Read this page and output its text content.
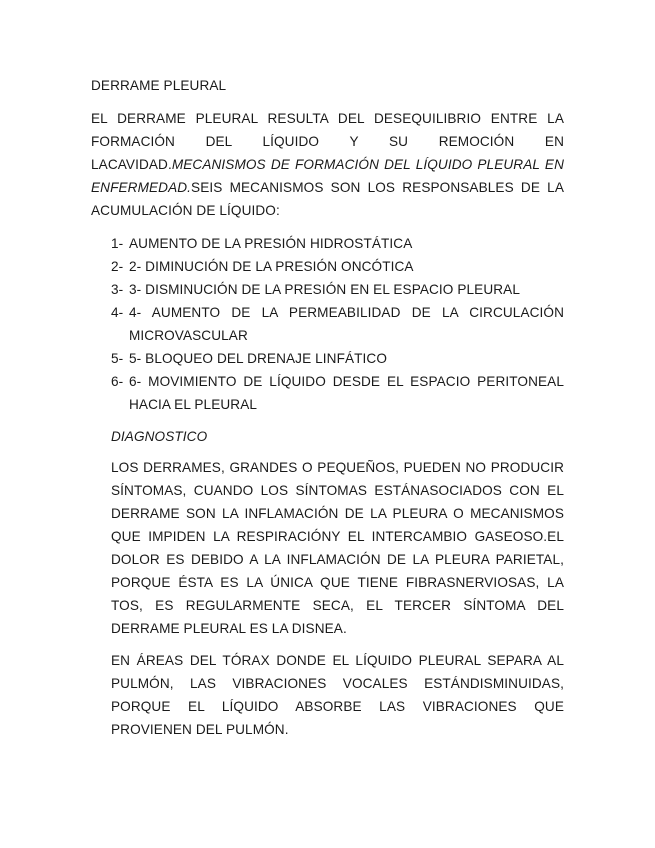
DERRAME PLEURAL

EL DERRAME PLEURAL RESULTA DEL DESEQUILIBRIO ENTRE LA FORMACIÓN DEL LÍQUIDO Y SU REMOCIÓN EN LACAVIDAD.MECANISMOS DE FORMACIÓN DEL LÍQUIDO PLEURAL EN ENFERMEDAD.SEIS MECANISMOS SON LOS RESPONSABLES DE LA ACUMULACIÓN DE LÍQUIDO:

1- AUMENTO DE LA PRESIÓN HIDROSTÁTICA
2- 2- DIMINUCIÓN DE LA PRESIÓN ONCÓTICA
3- 3- DISMINUCIÓN DE LA PRESIÓN EN EL ESPACIO PLEURAL
4- 4- AUMENTO DE LA PERMEABILIDAD DE LA CIRCULACIÓN MICROVASCULAR
5- 5- BLOQUEO DEL DRENAJE LINFÁTICO
6- 6- MOVIMIENTO DE LÍQUIDO DESDE EL ESPACIO PERITONEAL HACIA EL PLEURAL
DIAGNOSTICO

LOS DERRAMES, GRANDES O PEQUEÑOS, PUEDEN NO PRODUCIR SÍNTOMAS, CUANDO LOS SÍNTOMAS ESTÁNASOCIADOS CON EL DERRAME SON LA INFLAMACIÓN DE LA PLEURA O MECANISMOS QUE IMPIDEN LA RESPIRACIÓNY EL INTERCAMBIO GASEOSO.EL DOLOR ES DEBIDO A LA INFLAMACIÓN DE LA PLEURA PARIETAL, PORQUE ÉSTA ES LA ÚNICA QUE TIENE FIBRASNERVIOSAS, LA TOS, ES REGULARMENTE SECA, EL TERCER SÍNTOMA DEL DERRAME PLEURAL ES LA DISNEA.

EN ÁREAS DEL TÓRAX DONDE EL LÍQUIDO PLEURAL SEPARA AL PULMÓN, LAS VIBRACIONES VOCALES ESTÁNDISMINUIDAS, PORQUE EL LÍQUIDO ABSORBE LAS VIBRACIONES QUE PROVIENEN DEL PULMÓN.
